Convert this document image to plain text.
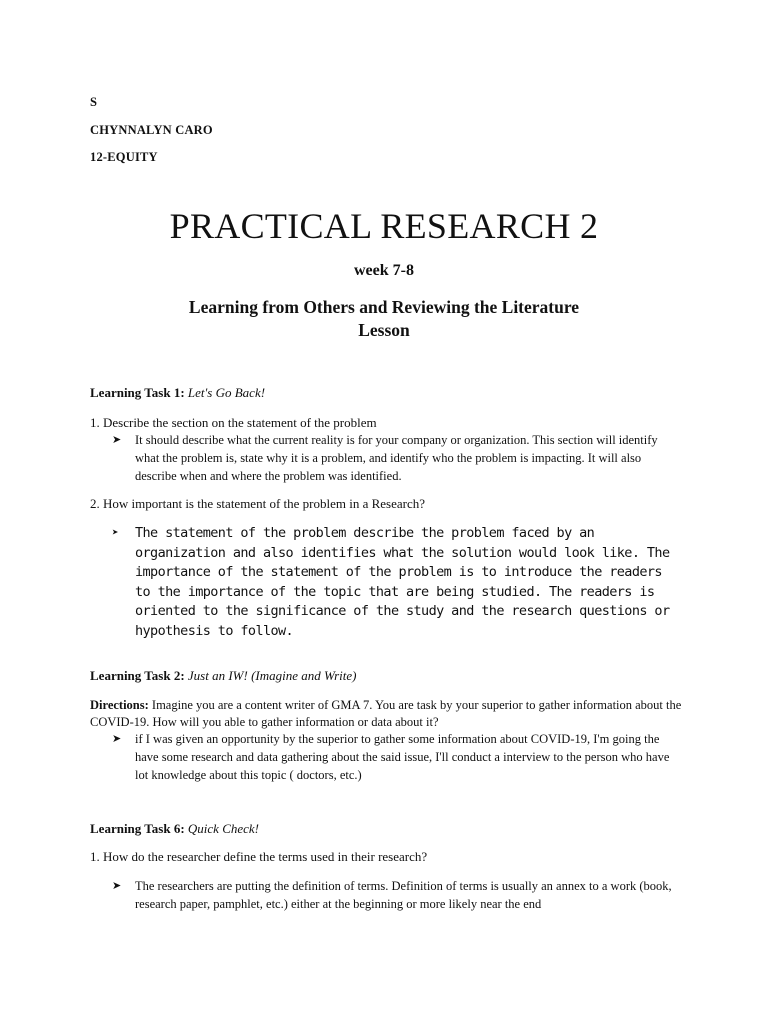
S
CHYNNALYN CARO
12-EQUITY
PRACTICAL RESEARCH 2
week 7-8
Learning from Others and Reviewing the Literature
Lesson
Learning Task 1: Let's Go Back!
1. Describe the section on the statement of the problem
➤	It should describe what the current reality is for your company or organization. This section will identify what the problem is, state why it is a problem, and identify who the problem is impacting. It will also describe when and where the problem was identified.
2. How important is the statement of the problem in a Research?
➤	The statement of the problem describe the problem faced by an organization and also identifies what the solution would look like. The importance of the statement of the problem is to introduce the readers to the importance of the topic that are being studied. The readers is oriented to the significance of the study and the research questions or hypothesis to follow.
Learning Task 2: Just an IW! (Imagine and Write)
Directions: Imagine you are a content writer of GMA 7. You are task by your superior to gather information about the COVID-19. How will you able to gather information or data about it?
➤	if I was given an opportunity by the superior to gather some information about COVID-19, I'm going the have some research and data gathering about the said issue, I'll conduct a interview to the person who have lot knowledge about this topic ( doctors, etc.)
Learning Task 6: Quick Check!
1. How do the researcher define the terms used in their research?
➤	The researchers are putting the definition of terms. Definition of terms is usually an annex to a work (book, research paper, pamphlet, etc.) either at the beginning or more likely near the end
